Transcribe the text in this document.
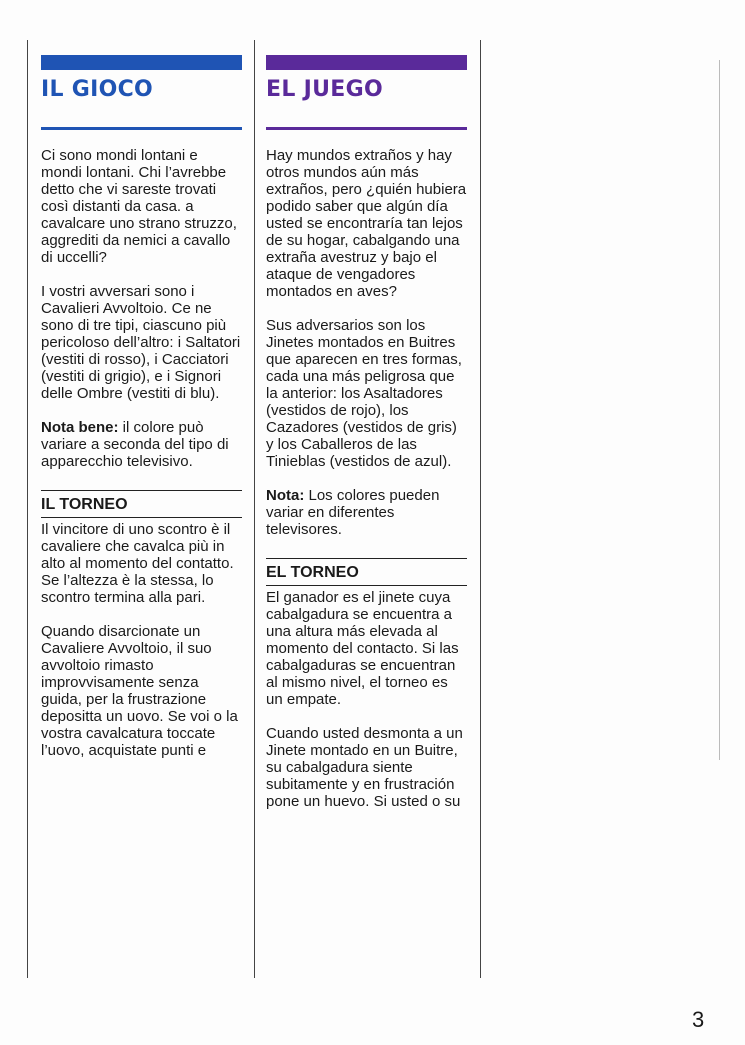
IL GIOCO

Ci sono mondi lontani e mondi lontani. Chi l’avrebbe detto che vi sareste trovati così distanti da casa. a cavalcare uno strano struzzo, aggrediti da nemici a cavallo di uccelli?

I vostri avversari sono i Cavalieri Avvoltoio. Ce ne sono di tre tipi, ciascuno più pericoloso dell’altro: i Saltatori (vestiti di rosso), i Cacciatori (vestiti di grigio), e i Signori delle Ombre (vestiti di blu).

Nota bene: il colore può variare a seconda del tipo di apparecchio televisivo.

IL TORNEO

Il vincitore di uno scontro è il cavaliere che cavalca più in alto al momento del contatto. Se l’altezza è la stessa, lo scontro termina alla pari.

Quando disarcionate un Cavaliere Avvoltoio, il suo avvoltoio rimasto improvvisamente senza guida, per la frustrazione depositta un uovo. Se voi o la vostra cavalcatura toccate l’uovo, acquistate punti e

EL JUEGO

Hay mundos extraños y hay otros mundos aún más extraños, pero ¿quién hubiera podido saber que algún día usted se encontraría tan lejos de su hogar, cabalgando una extraña avestruz y bajo el ataque de vengadores montados en aves?

Sus adversarios son los Jinetes montados en Buitres que aparecen en tres formas, cada una más peligrosa que la anterior: los Asaltadores (vestidos de rojo), los Cazadores (vestidos de gris) y los Caballeros de las Tinieblas (vestidos de azul).

Nota: Los colores pueden variar en diferentes televisores.

EL TORNEO

El ganador es el jinete cuya cabalgadura se encuentra a una altura más elevada al momento del contacto. Si las cabalgaduras se encuentran al mismo nivel, el torneo es un empate.

Cuando usted desmonta a un Jinete montado en un Buitre, su cabalgadura siente subitamente y en frustración pone un huevo. Si usted o su

3
